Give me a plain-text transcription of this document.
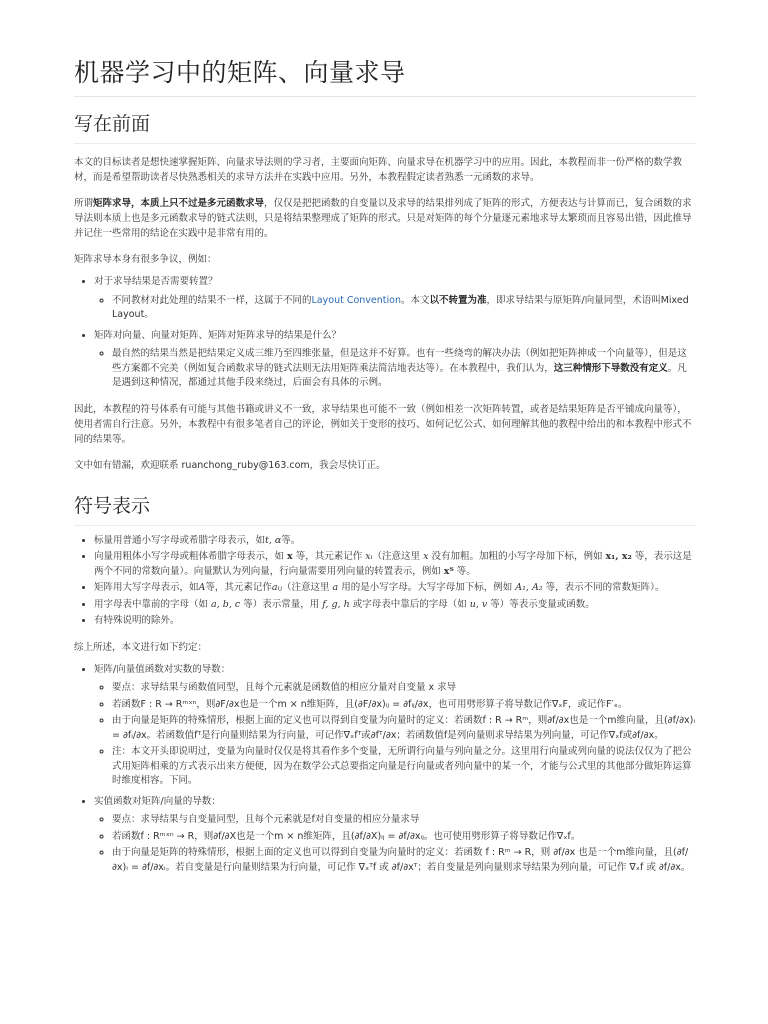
机器学习中的矩阵、向量求导
写在前面

本文的目标读者是想快速掌握矩阵、向量求导法则的学习者，主要面向矩阵、向量求导在机器学习中的应用。因此，本教程而非一份严格的数学教材，而是希望帮助读者尽快熟悉相关的求导方法并在实践中应用。另外，本教程假定读者熟悉一元函数的求导。

所谓矩阵求导，本质上只不过是多元函数求导，仅仅是把把函数的自变量以及求导的结果排列成了矩阵的形式，方便表达与计算而已，复合函数的求导法则本质上也是多元函数求导的链式法则，只是将结果整理成了矩阵的形式。只是对矩阵的每个分量逐元素地求导太繁琐而且容易出错，因此推导并记住一些常用的结论在实践中是非常有用的。

矩阵求导本身有很多争议，例如：

• 对于求导结果是否需要转置？
◦ 不同教材对此处理的结果不一样，这属于不同的Layout Convention。本文以不转置为准，即求导结果与原矩阵/向量同型，术语叫Mixed Layout。
• 矩阵对向量、向量对矩阵、矩阵对矩阵求导的结果是什么？
◦ 最自然的结果当然是把结果定义成三维乃至四维张量，但是这并不好算。也有一些绕弯的解决办法（例如把矩阵抻成一个向量等），但是这些方案都不完美（例如复合函数求导的链式法则无法用矩阵乘法简洁地表达等）。在本教程中，我们认为，这三种情形下导数没有定义。凡是遇到这种情况，都通过其他手段来绕过，后面会有具体的示例。

因此，本教程的符号体系有可能与其他书籍或讲义不一致，求导结果也可能不一致（例如相差一次矩阵转置，或者是结果矩阵是否平铺成向量等），使用者需自行注意。另外，本教程中有很多笔者自己的评论，例如关于变形的技巧、如何记忆公式、如何理解其他的教程中给出的和本教程中形式不同的结果等。

文中如有错漏，欢迎联系 ruanchong_ruby@163.com，我会尽快订正。

符号表示
• 标量用普通小写字母或希腊字母表示，如t, α等。
• 向量用粗体小写字母或粗体希腊字母表示，如 x 等，其元素记作 xᵢ（注意这里 x 没有加粗。加粗的小写字母加下标，例如 x₁, x₂ 等，表示这是两个不同的常数向量）。向量默认为列向量，行向量需要用列向量的转置表示，例如 xᵀ 等。
• 矩阵用大写字母表示，如A等，其元素记作aᵢⱼ（注意这里 a 用的是小写字母。大写字母加下标，例如 A₁, A₂ 等，表示不同的常数矩阵）。
• 用字母表中靠前的字母（如 a, b, c 等）表示常量，用 f, g, h 或字母表中靠后的字母（如 u, v 等）等表示变量或函数。
• 有特殊说明的除外。

综上所述，本文进行如下约定：

• 矩阵/向量值函数对实数的导数：
◦ 要点：求导结果与函数值同型，且每个元素就是函数值的相应分量对自变量 x 求导
◦ 若函数F : R → Rᵐˣⁿ，则∂F/∂x也是一个m × n维矩阵，且(∂F/∂x)ᵢⱼ = ∂fᵢⱼ/∂x，也可用劈形算子将导数记作∇ₓF，或记作F′ₓ。
◦ 由于向量是矩阵的特殊情形，根据上面的定义也可以得到自变量为向量时的定义：若函数f : R → Rᵐ，则∂f/∂x也是一个m维向量，且(∂f/∂x)ᵢ = ∂fᵢ/∂x。若函数值fᵀ是行向量则结果为行向量，可记作∇ₓfᵀ或∂fᵀ/∂x；若函数值f是列向量则求导结果为列向量，可记作∇ₓf或∂f/∂x。
◦ 注：本文开头即说明过，变量为向量时仅仅是将其看作多个变量，无所谓行向量与列向量之分。这里用行向量或列向量的说法仅仅为了把公式用矩阵相乘的方式表示出来方便便，因为在数学公式总要指定向量是行向量或者列向量中的某一个，才能与公式里的其他部分做矩阵运算时维度相容。下同。
• 实值函数对矩阵/向量的导数：
◦ 要点：求导结果与自变量同型，且每个元素就是f对自变量的相应分量求导
◦ 若函数f : Rᵐˣⁿ → R，则∂f/∂X也是一个m × n维矩阵，且(∂f/∂X)ᵢⱼ = ∂f/∂xᵢⱼ。也可使用劈形算子将导数记作∇ₓf。
◦ 由于向量是矩阵的特殊情形，根据上面的定义也可以得到自变量为向量时的定义：若函数 f : Rᵐ → R，则 ∂f/∂x 也是一个m维向量，且(∂f/∂x)ᵢ = ∂f/∂xᵢ。若自变量是行向量则结果为行向量，可记作 ∇ₓᵀf 或 ∂f/∂xᵀ；若自变量是列向量则求导结果为列向量，可记作 ∇ₓf 或 ∂f/∂x。
